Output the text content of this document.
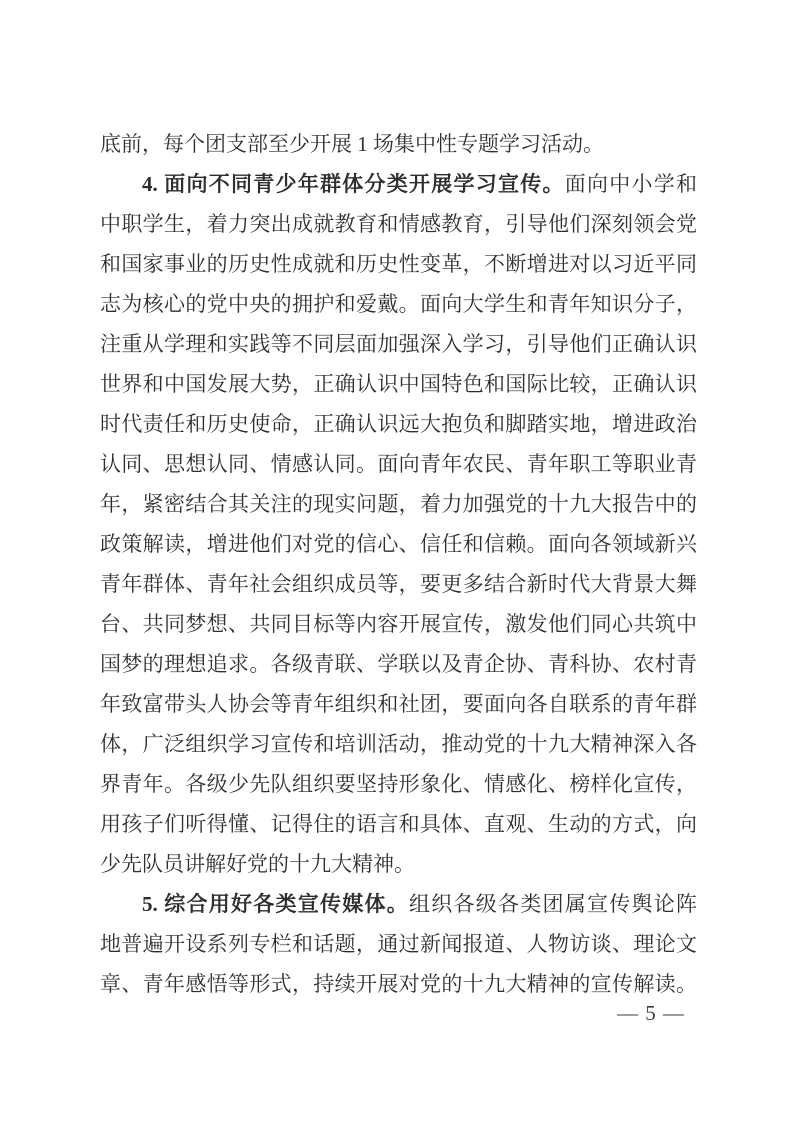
底前，每个团支部至少开展 1 场集中性专题学习活动。
4. 面向不同青少年群体分类开展学习宣传。面向中小学和
中职学生，着力突出成就教育和情感教育，引导他们深刻领会党
和国家事业的历史性成就和历史性变革，不断增进对以习近平同
志为核心的党中央的拥护和爱戴。面向大学生和青年知识分子，
注重从学理和实践等不同层面加强深入学习，引导他们正确认识
世界和中国发展大势，正确认识中国特色和国际比较，正确认识
时代责任和历史使命，正确认识远大抱负和脚踏实地，增进政治
认同、思想认同、情感认同。面向青年农民、青年职工等职业青
年，紧密结合其关注的现实问题，着力加强党的十九大报告中的
政策解读，增进他们对党的信心、信任和信赖。面向各领域新兴
青年群体、青年社会组织成员等，要更多结合新时代大背景大舞
台、共同梦想、共同目标等内容开展宣传，激发他们同心共筑中
国梦的理想追求。各级青联、学联以及青企协、青科协、农村青
年致富带头人协会等青年组织和社团，要面向各自联系的青年群
体，广泛组织学习宣传和培训活动，推动党的十九大精神深入各
界青年。各级少先队组织要坚持形象化、情感化、榜样化宣传，
用孩子们听得懂、记得住的语言和具体、直观、生动的方式，向
少先队员讲解好党的十九大精神。
5. 综合用好各类宣传媒体。组织各级各类团属宣传舆论阵
地普遍开设系列专栏和话题，通过新闻报道、人物访谈、理论文
章、青年感悟等形式，持续开展对党的十九大精神的宣传解读。
— 5 —
